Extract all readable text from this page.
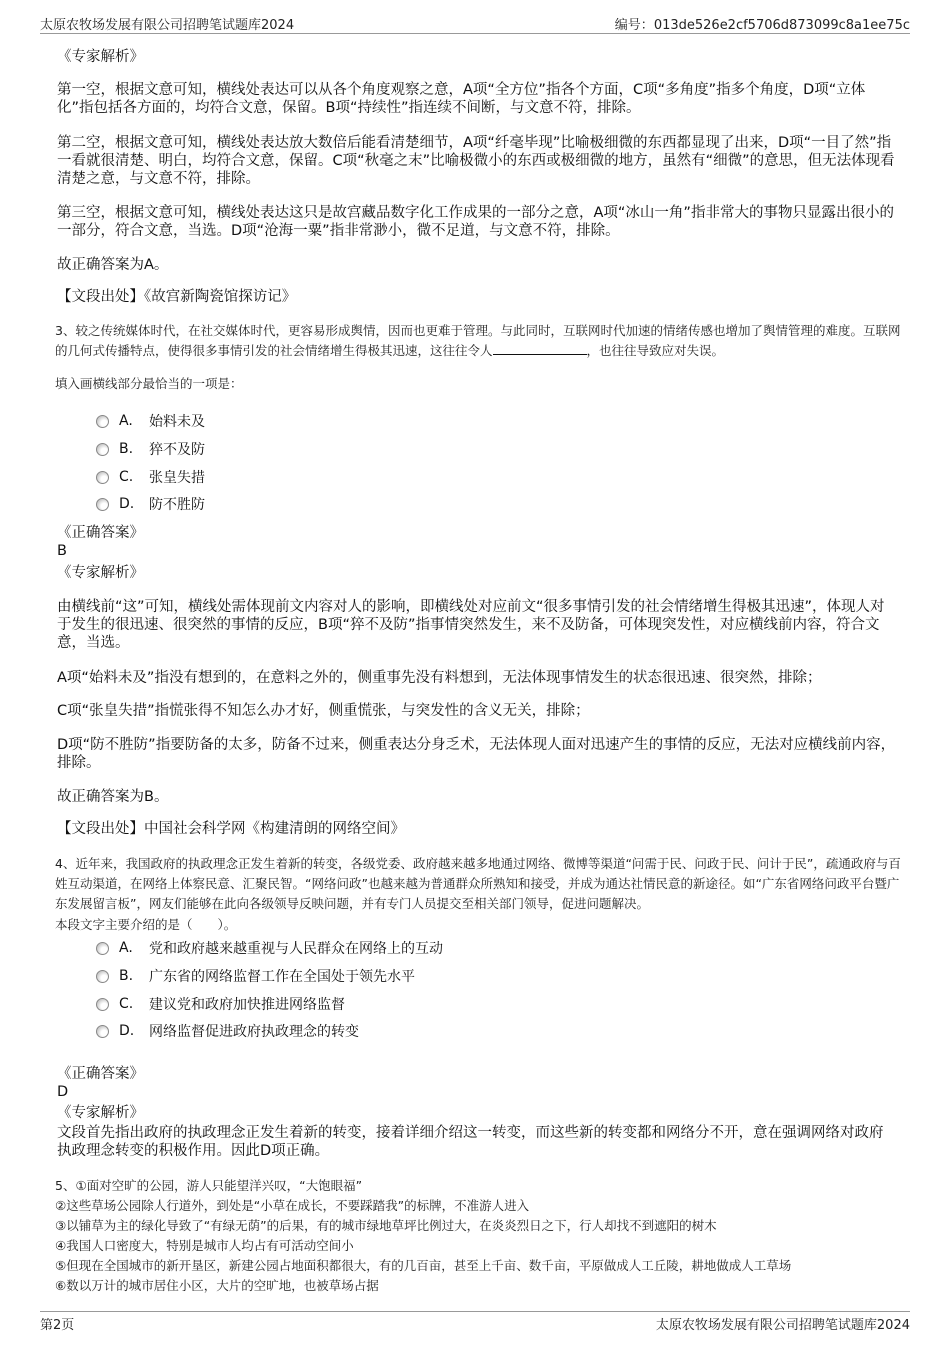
太原农牧场发展有限公司招聘笔试题库2024	编号：013de526e2cf5706d873099c8a1ee75c
《专家解析》
第一空，根据文意可知，横线处表达可以从各个角度观察之意，A项“全方位”指各个方面，C项“多角度”指多个角度，D项“立体化”指包括各方面的，均符合文意，保留。B项“持续性”指连续不间断，与文意不符，排除。
第二空，根据文意可知，横线处表达放大数倍后能看清楚细节，A项“纤毫毕现”比喻极细微的东西都显现了出来，D项“一目了然”指一看就很清楚、明白，均符合文意，保留。C项“秋毫之末”比喻极微小的东西或极细微的地方，虽然有“细微”的意思，但无法体现看清楚之意，与文意不符，排除。
第三空，根据文意可知，横线处表达这只是故宫藏品数字化工作成果的一部分之意，A项“冰山一角”指非常大的事物只显露出很小的一部分，符合文意，当选。D项“沧海一粟”指非常渺小，微不足道，与文意不符，排除。
故正确答案为A。
【文段出处】《故宫新陶瓷馆探访记》
3、较之传统媒体时代，在社交媒体时代，更容易形成舆情，因而也更难于管理。与此同时，互联网时代加速的情绪传感也增加了舆情管理的难度。互联网的几何式传播特点，使得很多事情引发的社会情绪增生得极其迅速，这往往令人	，也往往导致应对失误。
填入画横线部分最恰当的一项是：
A.	始料未及
B.	猝不及防
C.	张皇失措
D.	防不胜防
《正确答案》
B
《专家解析》
由横线前“这”可知，横线处需体现前文内容对人的影响，即横线处对应前文“很多事情引发的社会情绪增生得极其迅速”，体现人对于发生的很迅速、很突然的事情的反应，B项“猝不及防”指事情突然发生，来不及防备，可体现突发性，对应横线前内容，符合文意，当选。
A项“始料未及”指没有想到的，在意料之外的，侧重事先没有料想到，无法体现事情发生的状态很迅速、很突然，排除；
C项“张皇失措”指慌张得不知怎么办才好，侧重慌张，与突发性的含义无关，排除；
D项“防不胜防”指要防备的太多，防备不过来，侧重表达分身乏术，无法体现人面对迅速产生的事情的反应，无法对应横线前内容，排除。
故正确答案为B。
【文段出处】中国社会科学网《构建清朗的网络空间》
4、近年来，我国政府的执政理念正发生着新的转变，各级党委、政府越来越多地通过网络、微博等渠道“问需于民、问政于民、问计于民”，疏通政府与百姓互动渠道，在网络上体察民意、汇聚民智。“网络问政”也越来越为普通群众所熟知和接受，并成为通达社情民意的新途径。如“广东省网络问政平台暨广东发展留言板”，网友们能够在此向各级领导反映问题，并有专门人员提交至相关部门领导，促进问题解决。
本段文字主要介绍的是（　　）。
A.	党和政府越来越重视与人民群众在网络上的互动
B.	广东省的网络监督工作在全国处于领先水平
C.	建议党和政府加快推进网络监督
D.	网络监督促进政府执政理念的转变
《正确答案》
D
《专家解析》
文段首先指出政府的执政理念正发生着新的转变，接着详细介绍这一转变，而这些新的转变都和网络分不开，意在强调网络对政府执政理念转变的积极作用。因此D项正确。
5、①面对空旷的公园，游人只能望洋兴叹，“大饱眼福”
②这些草场公园除人行道外，到处是“小草在成长，不要踩踏我”的标牌，不准游人进入
③以铺草为主的绿化导致了“有绿无荫”的后果，有的城市绿地草坪比例过大，在炎炎烈日之下，行人却找不到遮阳的树木
④我国人口密度大，特别是城市人均占有可活动空间小
⑤但现在全国城市的新开垦区，新建公园占地面积都很大，有的几百亩，甚至上千亩、数千亩，平原做成人工丘陵，耕地做成人工草场
⑥数以万计的城市居住小区，大片的空旷地，也被草场占据
第2页	太原农牧场发展有限公司招聘笔试题库2024
